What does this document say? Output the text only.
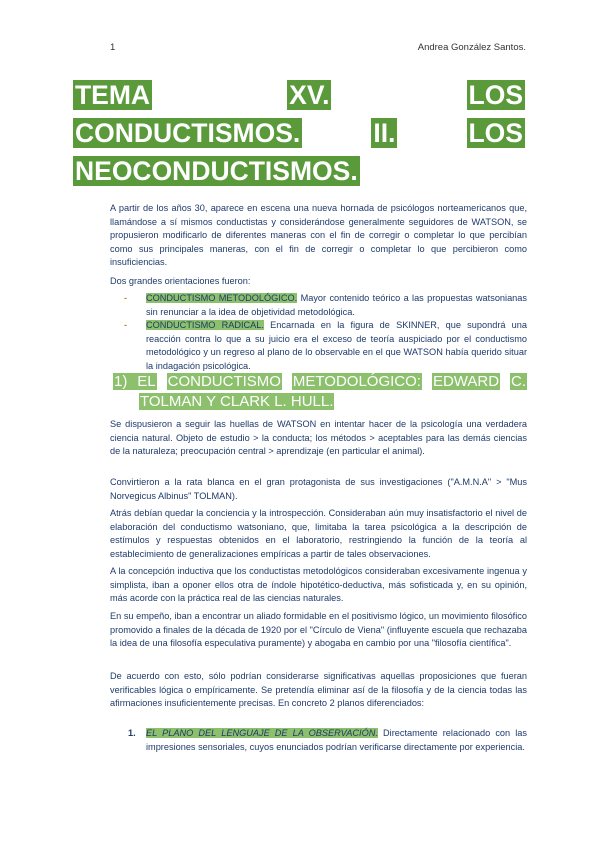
1	Andrea González Santos.
TEMA	XV.	LOS
CONDUCTISMOS.	II.	LOS
NEOCONDUCTISMOS.
A partir de los años 30, aparece en escena una nueva hornada de psicólogos norteamericanos que, llamándose a sí mismos conductistas y considerándose generalmente seguidores de WATSON, se propusieron modificarlo de diferentes maneras con el fin de corregir o completar lo que percibían como sus principales maneras, con el fin de corregir o completar lo que percibieron como insuficiencias.
Dos grandes orientaciones fueron:
- CONDUCTISMO METODOLÓGICO. Mayor contenido teórico a las propuestas watsonianas sin renunciar a la idea de objetividad metodológica.
- CONDUCTISMO RADICAL. Encarnada en la figura de SKINNER, que supondrá una reacción contra lo que a su juicio era el exceso de teoría auspiciado por el conductismo metodológico y un regreso al plano de lo observable en el que WATSON había querido situar la indagación psicológica.
1) EL CONDUCTISMO METODOLÓGICO: EDWARD C.
TOLMAN Y CLARK L. HULL.
Se dispusieron a seguir las huellas de WATSON en intentar hacer de la psicología una verdadera ciencia natural. Objeto de estudio > la conducta; los métodos > aceptables para las demás ciencias de la naturaleza; preocupación central > aprendizaje (en particular el animal).
Convirtieron a la rata blanca en el gran protagonista de sus investigaciones ("A.M.N.A" > "Mus Norvegicus Albinus" TOLMAN).
Atrás debían quedar la conciencia y la introspección. Consideraban aún muy insatisfactorio el nivel de elaboración del conductismo watsoniano, que, limitaba la tarea psicológica a la descripción de estímulos y respuestas obtenidos en el laboratorio, restringiendo la función de la teoría al establecimiento de generalizaciones empíricas a partir de tales observaciones.
A la concepción inductiva que los conductistas metodológicos consideraban excesivamente ingenua y simplista, iban a oponer ellos otra de índole hipotético-deductiva, más sofisticada y, en su opinión, más acorde con la práctica real de las ciencias naturales.
En su empeño, iban a encontrar un aliado formidable en el positivismo lógico, un movimiento filosófico promovido a finales de la década de 1920 por el "Círculo de Viena" (influyente escuela que rechazaba la idea de una filosofía especulativa puramente) y abogaba en cambio por una "filosofía científica".
De acuerdo con esto, sólo podrían considerarse significativas aquellas proposiciones que fueran verificables lógica o empíricamente. Se pretendía eliminar así de la filosofía y de la ciencia todas las afirmaciones insuficientemente precisas. En concreto 2 planos diferenciados:
1.	EL PLANO DEL LENGUAJE DE LA OBSERVACIÓN. Directamente relacionado con las impresiones sensoriales, cuyos enunciados podrían verificarse directamente por experiencia.
